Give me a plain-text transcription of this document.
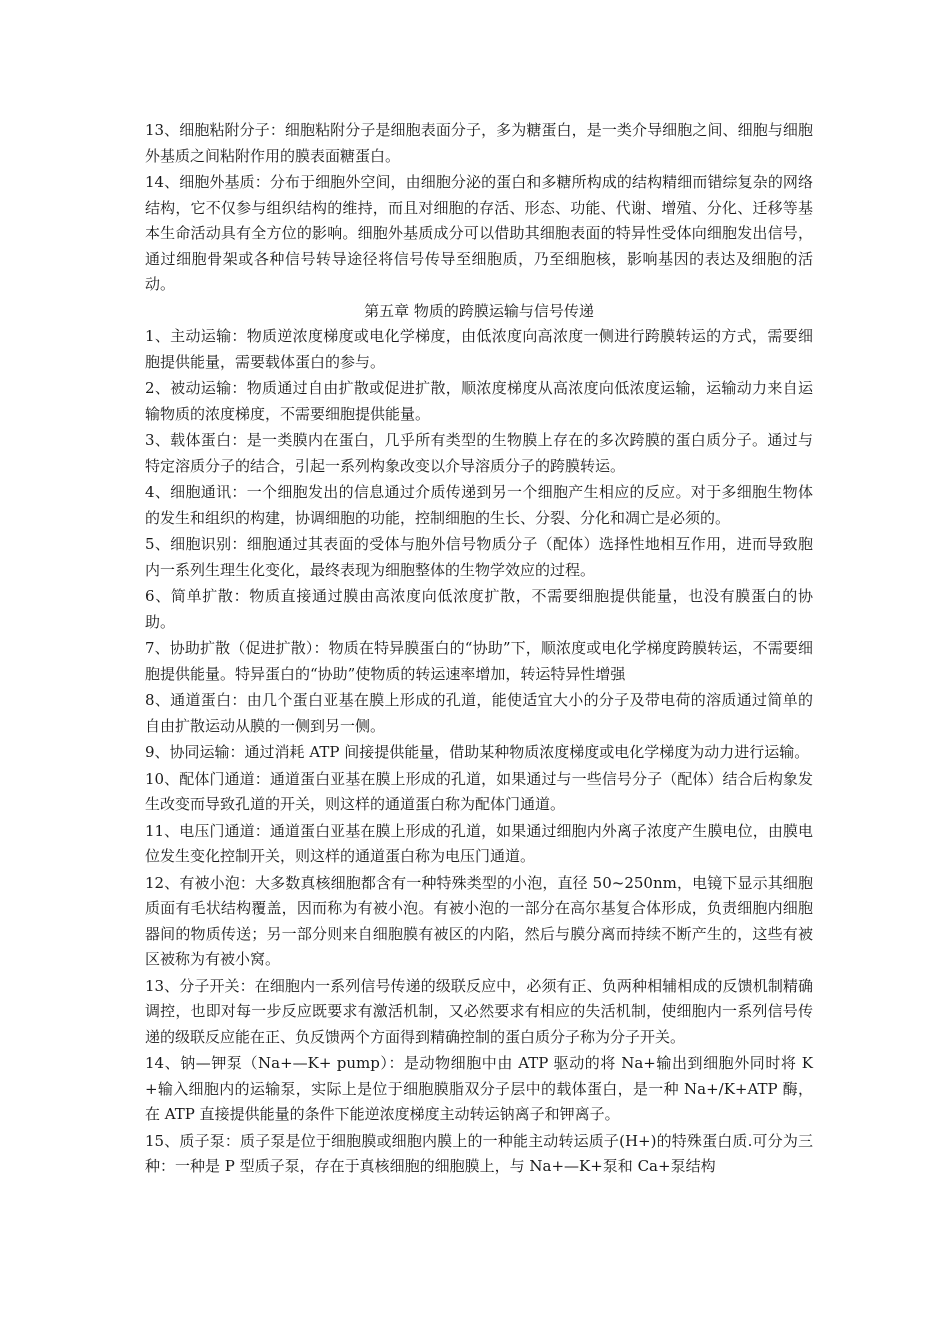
13、细胞粘附分子：细胞粘附分子是细胞表面分子，多为糖蛋白，是一类介导细胞之间、细胞与细胞外基质之间粘附作用的膜表面糖蛋白。

14、细胞外基质：分布于细胞外空间，由细胞分泌的蛋白和多糖所构成的结构精细而错综复杂的网络结构，它不仅参与组织结构的维持，而且对细胞的存活、形态、功能、代谢、增殖、分化、迁移等基本生命活动具有全方位的影响。细胞外基质成分可以借助其细胞表面的特异性受体向细胞发出信号，通过细胞骨架或各种信号转导途径将信号传导至细胞质，乃至细胞核，影响基因的表达及细胞的活动。

第五章 物质的跨膜运输与信号传递

1、主动运输：物质逆浓度梯度或电化学梯度，由低浓度向高浓度一侧进行跨膜转运的方式，需要细胞提供能量，需要载体蛋白的参与。

2、被动运输：物质通过自由扩散或促进扩散，顺浓度梯度从高浓度向低浓度运输，运输动力来自运输物质的浓度梯度，不需要细胞提供能量。

3、载体蛋白：是一类膜内在蛋白，几乎所有类型的生物膜上存在的多次跨膜的蛋白质分子。通过与特定溶质分子的结合，引起一系列构象改变以介导溶质分子的跨膜转运。

4、细胞通讯：一个细胞发出的信息通过介质传递到另一个细胞产生相应的反应。对于多细胞生物体的发生和组织的构建，协调细胞的功能，控制细胞的生长、分裂、分化和凋亡是必须的。

5、细胞识别：细胞通过其表面的受体与胞外信号物质分子（配体）选择性地相互作用，进而导致胞内一系列生理生化变化，最终表现为细胞整体的生物学效应的过程。

6、简单扩散：物质直接通过膜由高浓度向低浓度扩散，不需要细胞提供能量，也没有膜蛋白的协助。

7、协助扩散（促进扩散）：物质在特异膜蛋白的“协助”下，顺浓度或电化学梯度跨膜转运，不需要细胞提供能量。特异蛋白的“协助”使物质的转运速率增加，转运特异性增强

8、通道蛋白：由几个蛋白亚基在膜上形成的孔道，能使适宜大小的分子及带电荷的溶质通过简单的自由扩散运动从膜的一侧到另一侧。

9、协同运输：通过消耗 ATP 间接提供能量，借助某种物质浓度梯度或电化学梯度为动力进行运输。

10、配体门通道：通道蛋白亚基在膜上形成的孔道，如果通过与一些信号分子（配体）结合后构象发生改变而导致孔道的开关，则这样的通道蛋白称为配体门通道。

11、电压门通道：通道蛋白亚基在膜上形成的孔道，如果通过细胞内外离子浓度产生膜电位，由膜电位发生变化控制开关，则这样的通道蛋白称为电压门通道。

12、有被小泡：大多数真核细胞都含有一种特殊类型的小泡，直径 50~250nm，电镜下显示其细胞质面有毛状结构覆盖，因而称为有被小泡。有被小泡的一部分在高尔基复合体形成，负责细胞内细胞器间的物质传送；另一部分则来自细胞膜有被区的内陷，然后与膜分离而持续不断产生的，这些有被区被称为有被小窝。

13、分子开关：在细胞内一系列信号传递的级联反应中，必须有正、负两种相辅相成的反馈机制精确调控，也即对每一步反应既要求有激活机制，又必然要求有相应的失活机制，使细胞内一系列信号传递的级联反应能在正、负反馈两个方面得到精确控制的蛋白质分子称为分子开关。

14、钠—钾泵（Na+—K+ pump）：是动物细胞中由 ATP 驱动的将 Na+输出到细胞外同时将 K+输入细胞内的运输泵，实际上是位于细胞膜脂双分子层中的载体蛋白，是一种 Na+/K+ATP 酶，在 ATP 直接提供能量的条件下能逆浓度梯度主动转运钠离子和钾离子。

15、质子泵：质子泵是位于细胞膜或细胞内膜上的一种能主动转运质子(H+)的特殊蛋白质.可分为三种：一种是 P 型质子泵，存在于真核细胞的细胞膜上，与 Na+—K+泵和 Ca+泵结构
